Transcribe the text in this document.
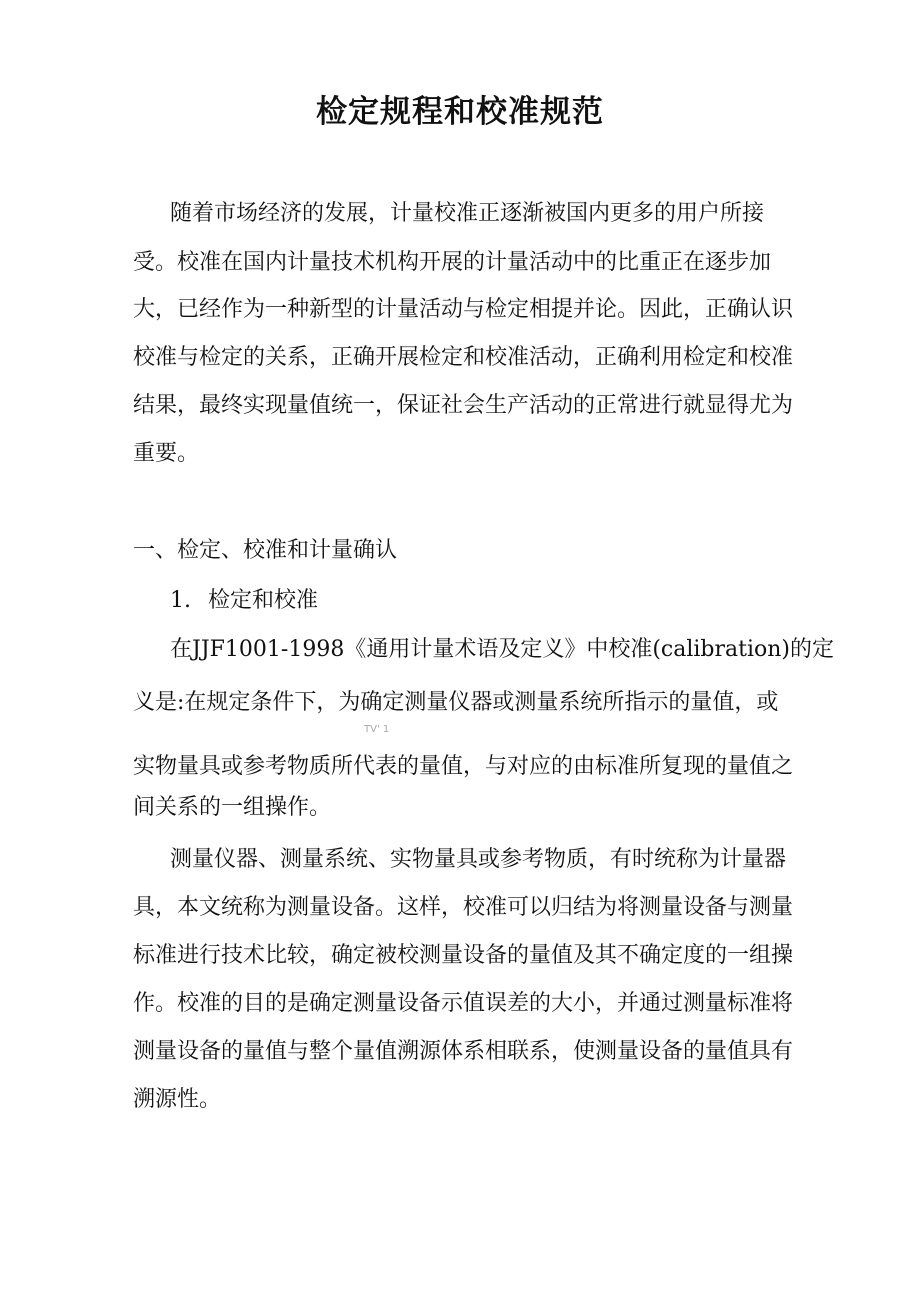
检定规程和校准规范
随着市场经济的发展，计量校准正逐渐被国内更多的用户所接
受。校准在国内计量技术机构开展的计量活动中的比重正在逐步加
大，已经作为一种新型的计量活动与检定相提并论。因此，正确认识
校准与检定的关系，正确开展检定和校准活动，正确利用检定和校准
结果，最终实现量值统一，保证社会生产活动的正常进行就显得尤为
重要。
一、检定、校准和计量确认
1. 检定和校准
在JJF1001-1998《通用计量术语及定义》中校准(calibration)的定
义是:在规定条件下，为确定测量仪器或测量系统所指示的量值，或
TV' 1
实物量具或参考物质所代表的量值，与对应的由标准所复现的量值之
间关系的一组操作。
测量仪器、测量系统、实物量具或参考物质，有时统称为计量器
具，本文统称为测量设备。这样，校准可以归结为将测量设备与测量
标准进行技术比较，确定被校测量设备的量值及其不确定度的一组操
作。校准的目的是确定测量设备示值误差的大小，并通过测量标准将
测量设备的量值与整个量值溯源体系相联系，使测量设备的量值具有
溯源性。
